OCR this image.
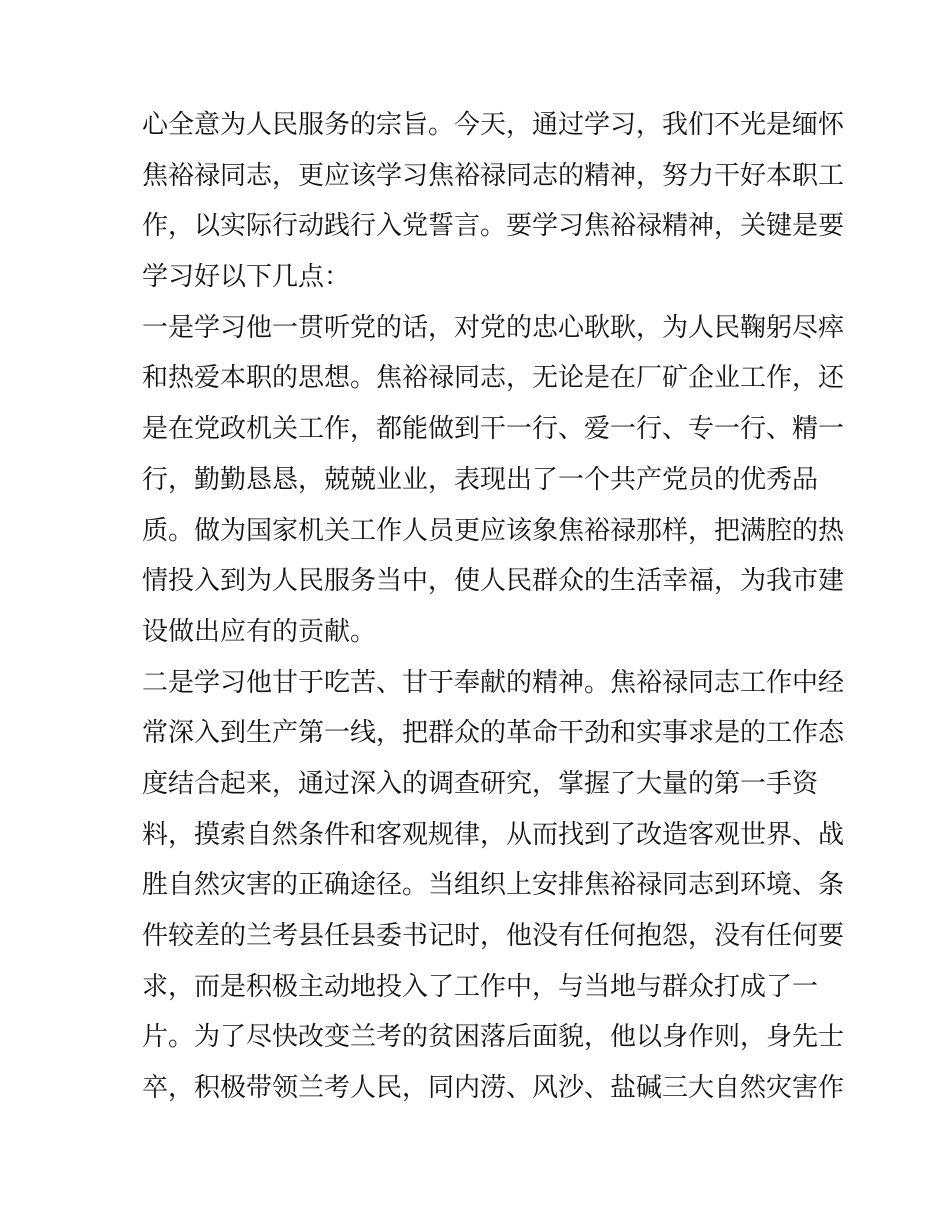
心全意为人民服务的宗旨。今天，通过学习，我们不光是缅怀
焦裕禄同志，更应该学习焦裕禄同志的精神，努力干好本职工
作，以实际行动践行入党誓言。要学习焦裕禄精神，关键是要
学习好以下几点：
一是学习他一贯听党的话，对党的忠心耿耿，为人民鞠躬尽瘁
和热爱本职的思想。焦裕禄同志，无论是在厂矿企业工作，还
是在党政机关工作，都能做到干一行、爱一行、专一行、精一
行，勤勤恳恳，兢兢业业，表现出了一个共产党员的优秀品
质。做为国家机关工作人员更应该象焦裕禄那样，把满腔的热
情投入到为人民服务当中，使人民群众的生活幸福，为我市建
设做出应有的贡献。
二是学习他甘于吃苦、甘于奉献的精神。焦裕禄同志工作中经
常深入到生产第一线，把群众的革命干劲和实事求是的工作态
度结合起来，通过深入的调查研究，掌握了大量的第一手资
料，摸索自然条件和客观规律，从而找到了改造客观世界、战
胜自然灾害的正确途径。当组织上安排焦裕禄同志到环境、条
件较差的兰考县任县委书记时，他没有任何抱怨，没有任何要
求，而是积极主动地投入了工作中，与当地与群众打成了一
片。为了尽快改变兰考的贫困落后面貌，他以身作则，身先士
卒，积极带领兰考人民，同内涝、风沙、盐碱三大自然灾害作
